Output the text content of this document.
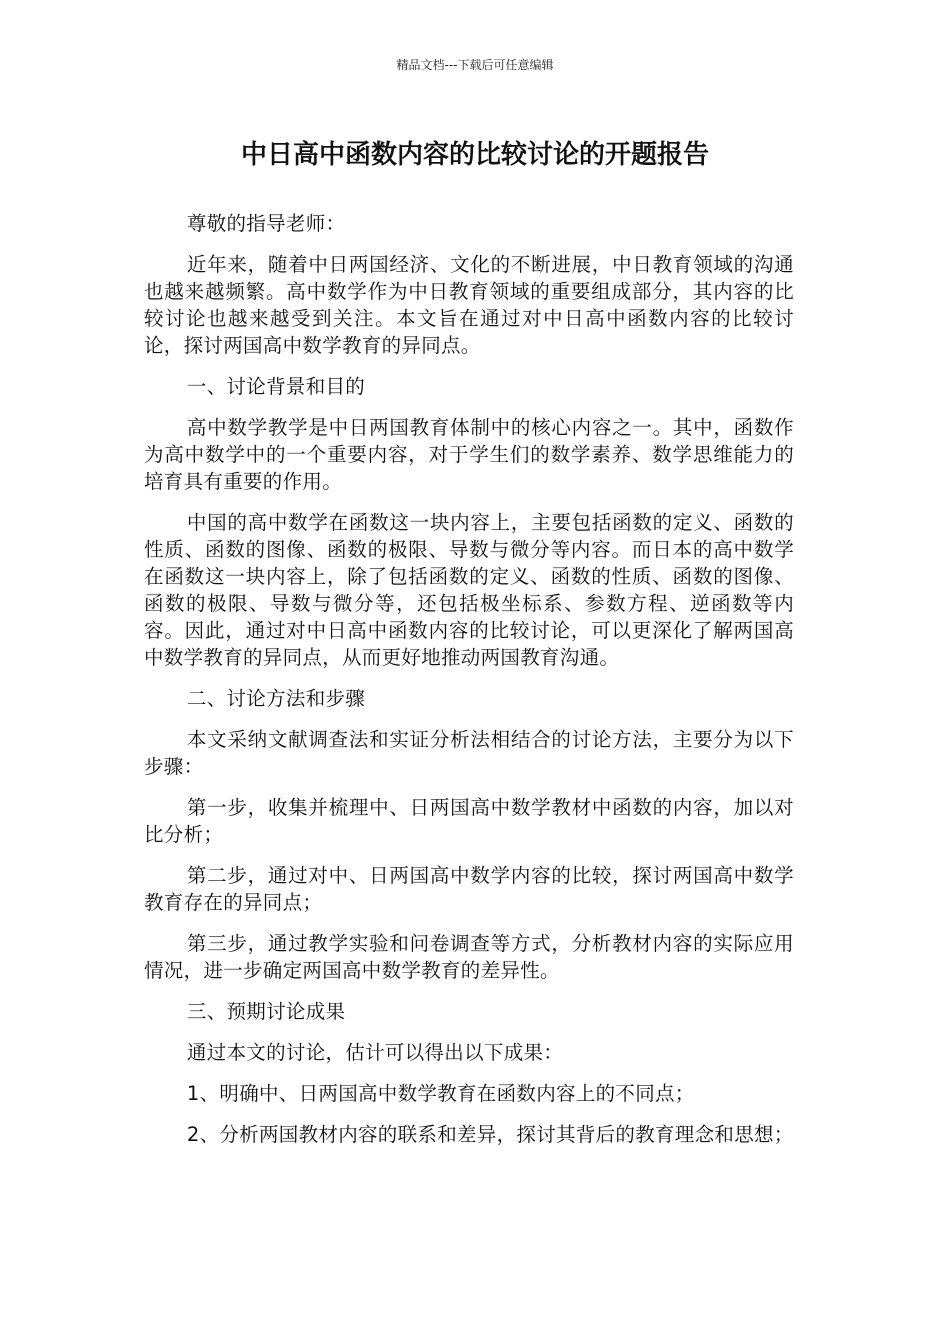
精品文档---下载后可任意编辑
中日高中函数内容的比较讨论的开题报告

尊敬的指导老师：

近年来，随着中日两国经济、文化的不断进展，中日教育领域的沟通也越来越频繁。高中数学作为中日教育领域的重要组成部分，其内容的比较讨论也越来越受到关注。本文旨在通过对中日高中函数内容的比较讨论，探讨两国高中数学教育的异同点。

一、讨论背景和目的

高中数学教学是中日两国教育体制中的核心内容之一。其中，函数作为高中数学中的一个重要内容，对于学生们的数学素养、数学思维能力的培育具有重要的作用。

中国的高中数学在函数这一块内容上，主要包括函数的定义、函数的性质、函数的图像、函数的极限、导数与微分等内容。而日本的高中数学在函数这一块内容上，除了包括函数的定义、函数的性质、函数的图像、函数的极限、导数与微分等，还包括极坐标系、参数方程、逆函数等内容。因此，通过对中日高中函数内容的比较讨论，可以更深化了解两国高中数学教育的异同点，从而更好地推动两国教育沟通。

二、讨论方法和步骤

本文采纳文献调查法和实证分析法相结合的讨论方法，主要分为以下步骤：

第一步，收集并梳理中、日两国高中数学教材中函数的内容，加以对比分析；

第二步，通过对中、日两国高中数学内容的比较，探讨两国高中数学教育存在的异同点；

第三步，通过教学实验和问卷调查等方式，分析教材内容的实际应用情况，进一步确定两国高中数学教育的差异性。

三、预期讨论成果

通过本文的讨论，估计可以得出以下成果：

1、明确中、日两国高中数学教育在函数内容上的不同点；

2、分析两国教材内容的联系和差异，探讨其背后的教育理念和思想；
